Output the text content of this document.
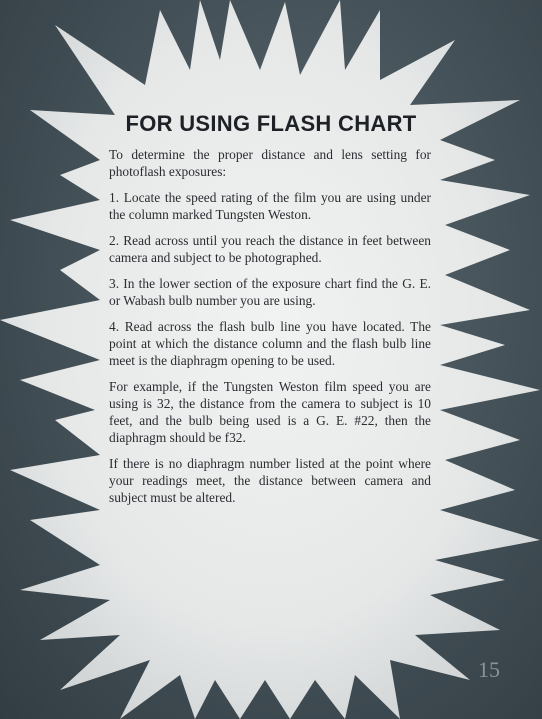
FOR USING FLASH CHART

To determine the proper distance and lens setting for photoflash exposures:

1. Locate the speed rating of the film you are using under the column marked Tungsten Weston.

2. Read across until you reach the distance in feet between camera and subject to be photographed.

3. In the lower section of the exposure chart find the G. E. or Wabash bulb number you are using.

4. Read across the flash bulb line you have located. The point at which the distance column and the flash bulb line meet is the diaphragm opening to be used.

For example, if the Tungsten Weston film speed you are using is 32, the distance from the camera to subject is 10 feet, and the bulb being used is a G. E. #22, then the diaphragm should be f32.

If there is no diaphragm number listed at the point where your readings meet, the distance between camera and subject must be altered.

15
